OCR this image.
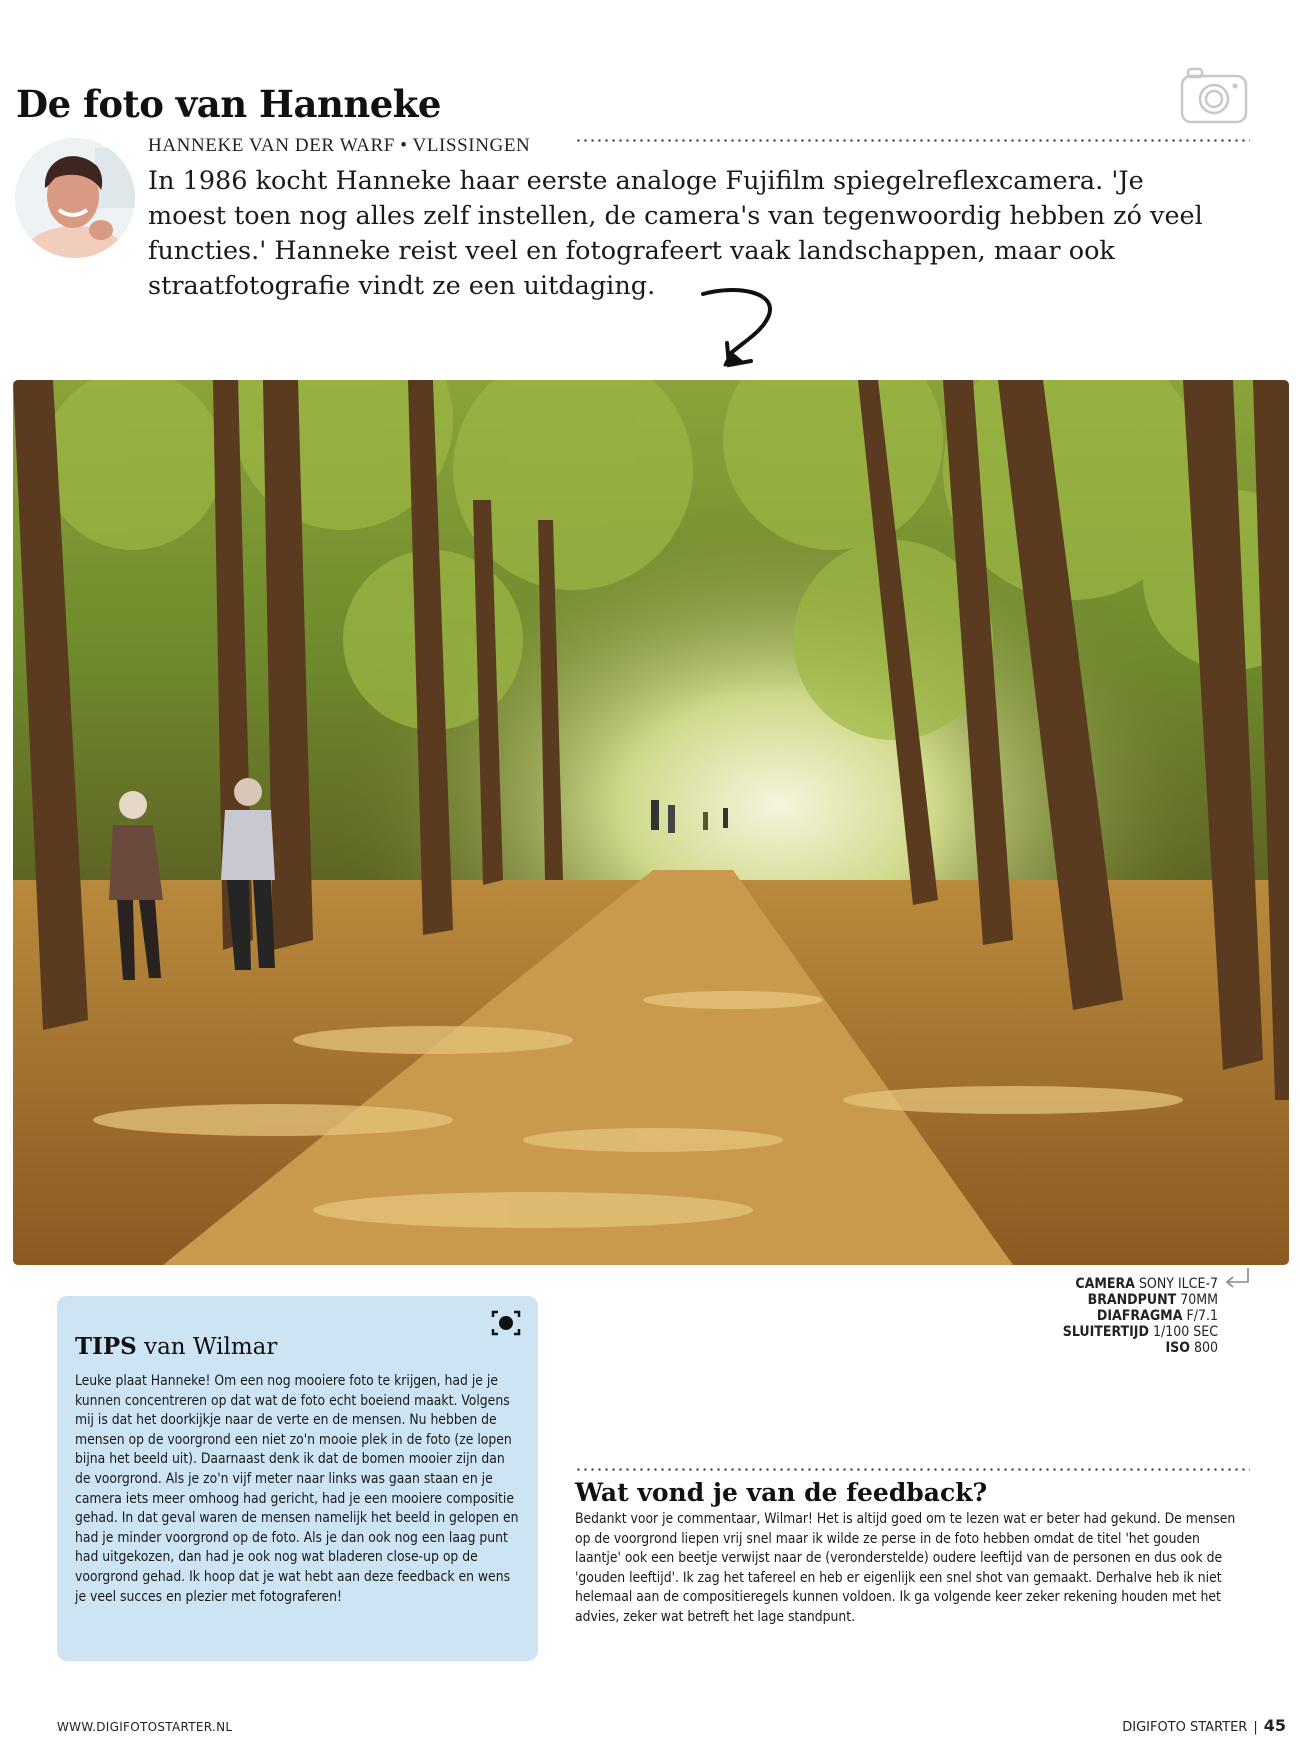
De foto van Hanneke
HANNEKE VAN DER WARF • VLISSINGEN

In 1986 kocht Hanneke haar eerste analoge Fujifilm spiegelreflexcamera. 'Je moest toen nog alles zelf instellen, de camera's van tegenwoordig hebben zó veel functies.' Hanneke reist veel en fotografeert vaak landschappen, maar ook straatfotografie vindt ze een uitdaging.

CAMERA SONY ILCE-7
BRANDPUNT 70MM
DIAFRAGMA F/7.1
SLUITERTIJD 1/100 SEC
ISO 800
TIPS van Wilmar

Leuke plaat Hanneke! Om een nog mooiere foto te krijgen, had je je kunnen concentreren op dat wat de foto echt boeiend maakt. Volgens mij is dat het doorkijkje naar de verte en de mensen. Nu hebben de mensen op de voorgrond een niet zo'n mooie plek in de foto (ze lopen bijna het beeld uit). Daarnaast denk ik dat de bomen mooier zijn dan de voorgrond. Als je zo'n vijf meter naar links was gaan staan en je camera iets meer omhoog had gericht, had je een mooiere compositie gehad. In dat geval waren de mensen namelijk het beeld in gelopen en had je minder voorgrond op de foto. Als je dan ook nog een laag punt had uitgekozen, dan had je ook nog wat bladeren close-up op de voorgrond gehad. Ik hoop dat je wat hebt aan deze feedback en wens je veel succes en plezier met fotograferen!

Wat vond je van de feedback?

Bedankt voor je commentaar, Wilmar! Het is altijd goed om te lezen wat er beter had gekund. De mensen op de voorgrond liepen vrij snel maar ik wilde ze perse in de foto hebben omdat de titel 'het gouden laantje' ook een beetje verwijst naar de (veronderstelde) oudere leeftijd van de personen en dus ook de 'gouden leeftijd'. Ik zag het tafereel en heb er eigenlijk een snel shot van gemaakt. Derhalve heb ik niet helemaal aan de compositieregels kunnen voldoen. Ik ga volgende keer zeker rekening houden met het advies, zeker wat betreft het lage standpunt.

WWW.DIGIFOTOSTARTER.NL	DIGIFOTO STARTER | 45
